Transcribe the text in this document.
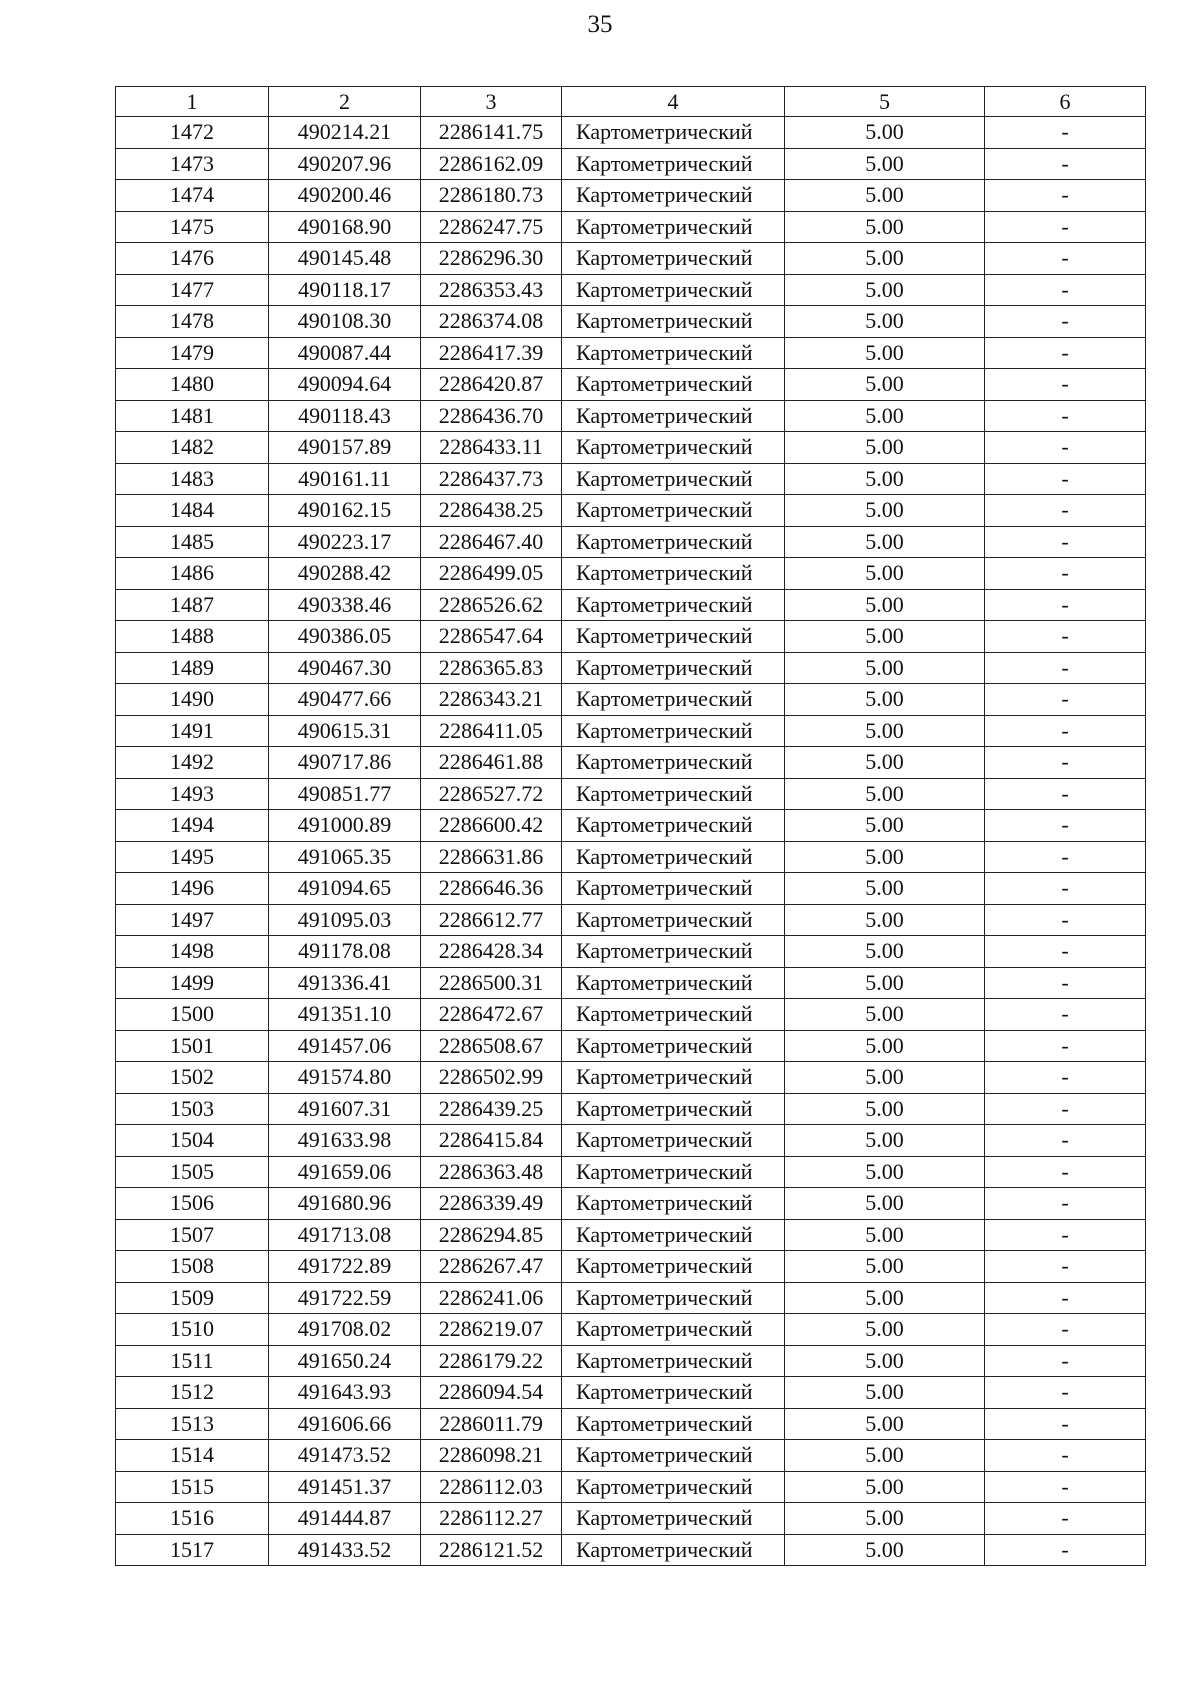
35
1	2	3	4	5	6
1472	490214.21	2286141.75	Картометрический	5.00	-
1473	490207.96	2286162.09	Картометрический	5.00	-
1474	490200.46	2286180.73	Картометрический	5.00	-
1475	490168.90	2286247.75	Картометрический	5.00	-
1476	490145.48	2286296.30	Картометрический	5.00	-
1477	490118.17	2286353.43	Картометрический	5.00	-
1478	490108.30	2286374.08	Картометрический	5.00	-
1479	490087.44	2286417.39	Картометрический	5.00	-
1480	490094.64	2286420.87	Картометрический	5.00	-
1481	490118.43	2286436.70	Картометрический	5.00	-
1482	490157.89	2286433.11	Картометрический	5.00	-
1483	490161.11	2286437.73	Картометрический	5.00	-
1484	490162.15	2286438.25	Картометрический	5.00	-
1485	490223.17	2286467.40	Картометрический	5.00	-
1486	490288.42	2286499.05	Картометрический	5.00	-
1487	490338.46	2286526.62	Картометрический	5.00	-
1488	490386.05	2286547.64	Картометрический	5.00	-
1489	490467.30	2286365.83	Картометрический	5.00	-
1490	490477.66	2286343.21	Картометрический	5.00	-
1491	490615.31	2286411.05	Картометрический	5.00	-
1492	490717.86	2286461.88	Картометрический	5.00	-
1493	490851.77	2286527.72	Картометрический	5.00	-
1494	491000.89	2286600.42	Картометрический	5.00	-
1495	491065.35	2286631.86	Картометрический	5.00	-
1496	491094.65	2286646.36	Картометрический	5.00	-
1497	491095.03	2286612.77	Картометрический	5.00	-
1498	491178.08	2286428.34	Картометрический	5.00	-
1499	491336.41	2286500.31	Картометрический	5.00	-
1500	491351.10	2286472.67	Картометрический	5.00	-
1501	491457.06	2286508.67	Картометрический	5.00	-
1502	491574.80	2286502.99	Картометрический	5.00	-
1503	491607.31	2286439.25	Картометрический	5.00	-
1504	491633.98	2286415.84	Картометрический	5.00	-
1505	491659.06	2286363.48	Картометрический	5.00	-
1506	491680.96	2286339.49	Картометрический	5.00	-
1507	491713.08	2286294.85	Картометрический	5.00	-
1508	491722.89	2286267.47	Картометрический	5.00	-
1509	491722.59	2286241.06	Картометрический	5.00	-
1510	491708.02	2286219.07	Картометрический	5.00	-
1511	491650.24	2286179.22	Картометрический	5.00	-
1512	491643.93	2286094.54	Картометрический	5.00	-
1513	491606.66	2286011.79	Картометрический	5.00	-
1514	491473.52	2286098.21	Картометрический	5.00	-
1515	491451.37	2286112.03	Картометрический	5.00	-
1516	491444.87	2286112.27	Картометрический	5.00	-
1517	491433.52	2286121.52	Картометрический	5.00	-
